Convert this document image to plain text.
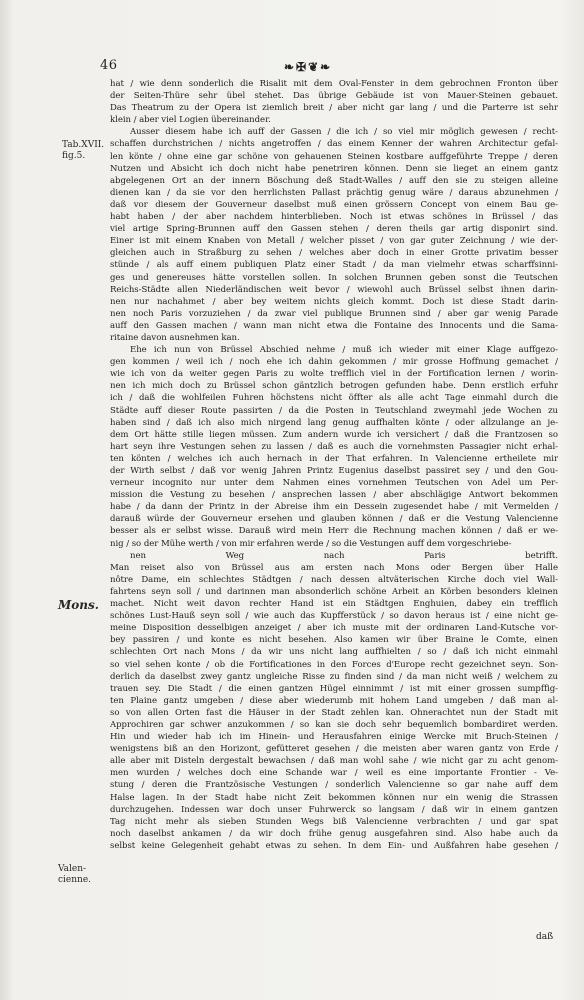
46	❧✠❦❧
Tab.XVII. fig.5.
Mons.
Valen- cienne.
hat / wie denn sonderlich die Risalit mit dem Oval-Fenster in dem gebrochnen Fronton über
der Seiten-Thüre sehr übel stehet. Das übrige Gebäude ist von Mauer-Steinen gebauet.
Das Theatrum zu der Opera ist ziemlich breit / aber nicht gar lang / und die Parterre ist sehr
klein / aber viel Logien übereinander.
Ausser diesem habe ich auff der Gassen / die ich / so viel mir möglich gewesen / recht-
schaffen durchstrichen / nichts angetroffen / das einem Kenner der wahren Architectur gefal-
len könte / ohne eine gar schöne von gehauenen Steinen kostbare auffgeführte Treppe / deren
Nutzen und Absicht ich doch nicht habe penetriren können. Denn sie lieget an einem gantz
abgelegenen Ort an der innern Böschung deß Stadt-Walles / auff den sie zu steigen alleine
dienen kan / da sie vor den herrlichsten Pallast prächtig genug wäre / daraus abzunehmen /
daß vor diesem der Gouverneur daselbst muß einen grössern Concept von einem Bau ge-
habt haben / der aber nachdem hinterblieben. Noch ist etwas schönes in Brüssel / das
viel artige Spring-Brunnen auff den Gassen stehen / deren theils gar artig disponirt sind.
Einer ist mit einem Knaben von Metall / welcher pisset / von gar guter Zeichnung / wie der-
gleichen auch in Straßburg zu sehen / welches aber doch in einer Grotte privatim besser
stünde / als auff einem publiquen Platz einer Stadt / da man vielmehr etwas scharffsinni-
ges und genereuses hätte vorstellen sollen. In solchen Brunnen geben sonst die Teutschen
Reichs-Städte allen Niederländischen weit bevor / wiewohl auch Brüssel selbst ihnen darin-
nen nur nachahmet / aber bey weitem nichts gleich kommt. Doch ist diese Stadt darin-
nen noch Paris vorzuziehen / da zwar viel publique Brunnen sind / aber gar wenig Parade
auff den Gassen machen / wann man nicht etwa die Fontaine des Innocents und die Sama-
ritaine davon ausnehmen kan.
Ehe ich nun von Brüssel Abschied nehme / muß ich wieder mit einer Klage auffgezo-
gen kommen / weil ich / noch ehe ich dahin gekommen / mir grosse Hoffnung gemachet /
wie ich von da weiter gegen Paris zu wolte trefflich viel in der Fortification lernen / worin-
nen ich mich doch zu Brüssel schon gäntzlich betrogen gefunden habe. Denn erstlich erfuhr
ich / daß die wohlfeilen Fuhren höchstens nicht öffter als alle acht Tage einmahl durch die
Städte auff dieser Route passirten / da die Posten in Teutschland zweymahl jede Wochen zu
haben sind / daß ich also mich nirgend lang genug auffhalten könte / oder allzulange an je-
dem Ort hätte stille liegen müssen. Zum andern wurde ich versichert / daß die Frantzosen so
hart seyn ihre Vestungen sehen zu lassen / daß es auch die vornehmsten Passagier nicht erhal-
ten könten / welches ich auch hernach in der That erfahren. In Valencienne ertheilete mir
der Wirth selbst / daß vor wenig Jahren Printz Eugenius daselbst passiret sey / und den Gou-
verneur incognito nur unter dem Nahmen eines vornehmen Teutschen von Adel um Per-
mission die Vestung zu besehen / ansprechen lassen / aber abschlägige Antwort bekommen
habe / da dann der Printz in der Abreise ihm ein Dessein zugesendet habe / mit Vermelden /
darauß würde der Gouverneur ersehen und glauben können / daß er die Vestung Valencienne
besser als er selbst wisse. Darauß wird mein Herr die Rechnung machen können / daß er we-
nig / so der Mühe werth / von mir erfahren werde / so die Vestungen auff dem vorgeschriebe-
nen Weg nach Paris betrifft.
Man reiset also von Brüssel aus am ersten nach Mons oder Bergen über Halle
nôtre Dame, ein schlechtes Städtgen / nach dessen altväterischen Kirche doch viel Wall-
fahrtens seyn soll / und darinnen man absonderlich schöne Arbeit an Körben besonders kleinen
machet. Nicht weit davon rechter Hand ist ein Städtgen Enghuien, dabey ein trefflich
schönes Lust-Hauß seyn soll / wie auch das Kupfferstück / so davon heraus ist / eine nicht ge-
meine Disposition desselbigen anzeiget / aber ich muste mit der ordinaren Land-Kutsche vor-
bey passiren / und konte es nicht besehen. Also kamen wir über Braine le Comte, einen
schlechten Ort nach Mons / da wir uns nicht lang auffhielten / so / daß ich nicht einmahl
so viel sehen konte / ob die Fortificationes in den Forces d'Europe recht gezeichnet seyn. Son-
derlich da daselbst zwey gantz ungleiche Risse zu finden sind / da man nicht weiß / welchem zu
trauen sey. Die Stadt / die einen gantzen Hügel einnimmt / ist mit einer grossen sumpffig-
ten Plaine gantz umgeben / diese aber wiederumb mit hohem Land umgeben / daß man al-
so von allen Orten fast die Häuser in der Stadt zehlen kan. Ohnerachtet nun der Stadt mit
Approchiren gar schwer anzukommen / so kan sie doch sehr bequemlich bombardiret werden.
Hin und wieder hab ich im Hinein- und Herausfahren einige Wercke mit Bruch-Steinen /
wenigstens biß an den Horizont, gefütteret gesehen / die meisten aber waren gantz von Erde /
alle aber mit Disteln dergestalt bewachsen / daß man wohl sahe / wie nicht gar zu acht genom-
men wurden / welches doch eine Schande war / weil es eine importante Frontier - Ve-
stung / deren die Frantzösische Vestungen / sonderlich Valencienne so gar nahe auff dem
Halse lagen. In der Stadt habe nicht Zeit bekommen können nur ein wenig die Strassen
durchzugehen. Indessen war doch unser Fuhrwerck so langsam / daß wir in einem gantzen
Tag nicht mehr als sieben Stunden Wegs biß Valencienne verbrachten / und gar spat
noch daselbst ankamen / da wir doch frühe genug ausgefahren sind. Also habe auch da
selbst keine Gelegenheit gehabt etwas zu sehen. In dem Ein- und Außfahren habe gesehen /
daß
